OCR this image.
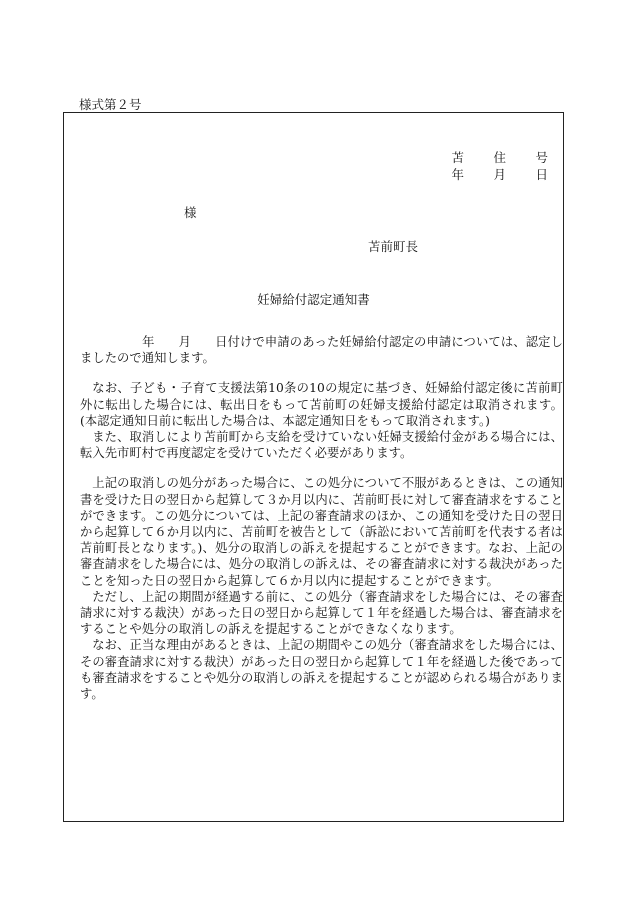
様式第２号
苫	住	号
年	月	日
様
苫前町長
妊婦給付認定通知書

年 月 日付けで申請のあった妊婦給付認定の申請については、認定しましたので通知します。

なお、子ども・子育て支援法第10条の10の規定に基づき、妊婦給付認定後に苫前町外に転出した場合には、転出日をもって苫前町の妊婦支援給付認定は取消されます。(本認定通知日前に転出した場合は、本認定通知日をもって取消されます。)

また、取消しにより苫前町から支給を受けていない妊婦支援給付金がある場合には、転入先市町村で再度認定を受けていただく必要があります。

上記の取消しの処分があった場合に、この処分について不服があるときは、この通知書を受けた日の翌日から起算して３か月以内に、苫前町長に対して審査請求をすることができます。この処分については、上記の審査請求のほか、この通知を受けた日の翌日から起算して６か月以内に、苫前町を被告として（訴訟において苫前町を代表する者は苫前町長となります。)、処分の取消しの訴えを提起することができます。なお、上記の審査請求をした場合には、処分の取消しの訴えは、その審査請求に対する裁決があったことを知った日の翌日から起算して６か月以内に提起することができます。

ただし、上記の期間が経過する前に、この処分（審査請求をした場合には、その審査請求に対する裁決）があった日の翌日から起算して１年を経過した場合は、審査請求をすることや処分の取消しの訴えを提起することができなくなります。

なお、正当な理由があるときは、上記の期間やこの処分（審査請求をした場合には、その審査請求に対する裁決）があった日の翌日から起算して１年を経過した後であっても審査請求をすることや処分の取消しの訴えを提起することが認められる場合があります。
